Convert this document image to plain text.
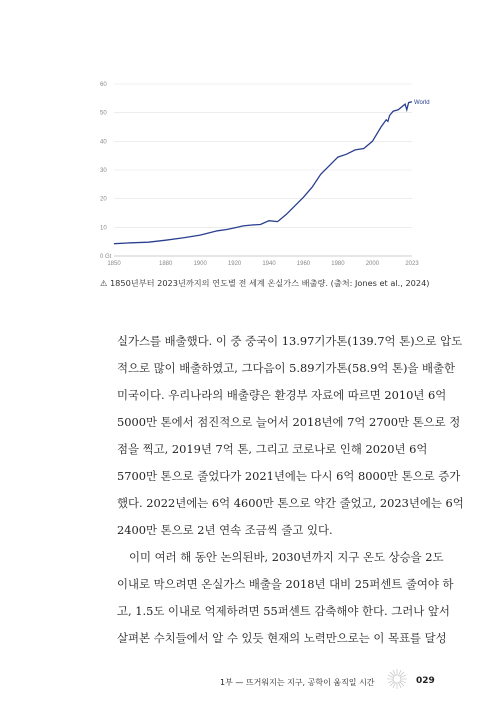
60
50
40
30
20
10
0 Gt
1850	1880	1900	1920	1940	1960	1980	2000	2023
World
⚠ 1850년부터 2023년까지의 연도별 전 세계 온실가스 배출량. (출처: Jones et al., 2024)
실가스를 배출했다. 이 중 중국이 13.97기가톤(139.7억 톤)으로 압도
적으로 많이 배출하였고, 그다음이 5.89기가톤(58.9억 톤)을 배출한
미국이다. 우리나라의 배출량은 환경부 자료에 따르면 2010년 6억
5000만 톤에서 점진적으로 늘어서 2018년에 7억 2700만 톤으로 정
점을 찍고, 2019년 7억 톤, 그리고 코로나로 인해 2020년 6억
5700만 톤으로 줄었다가 2021년에는 다시 6억 8000만 톤으로 증가
했다. 2022년에는 6억 4600만 톤으로 약간 줄었고, 2023년에는 6억
2400만 톤으로 2년 연속 조금씩 줄고 있다.
이미 여러 해 동안 논의된바, 2030년까지 지구 온도 상승을 2도
이내로 막으려면 온실가스 배출을 2018년 대비 25퍼센트 줄여야 하
고, 1.5도 이내로 억제하려면 55퍼센트 감축해야 한다. 그러나 앞서
살펴본 수치들에서 알 수 있듯 현재의 노력만으로는 이 목표를 달성
1부 — 뜨거워지는 지구, 공학이 움직일 시간	029
